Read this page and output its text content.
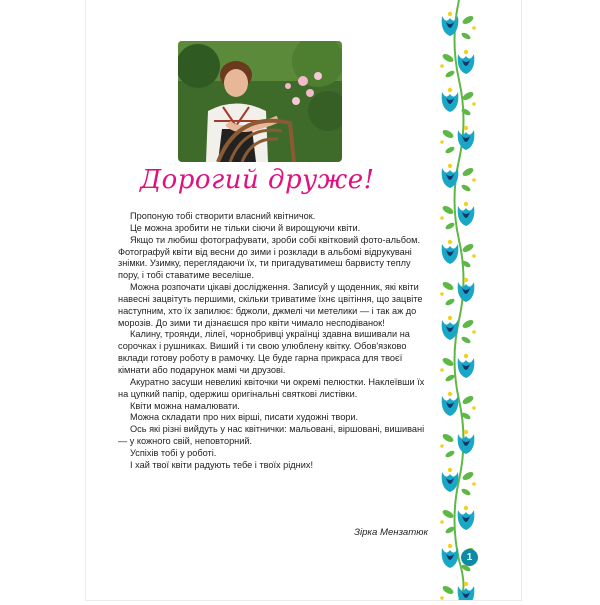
Дорогий друже!

Пропоную тобі створити власний квітничок.

Це можна зробити не тільки сіючи й вирощуючи квіти.

Якщо ти любиш фотографувати, зроби собі квітковий фото-альбом. Фотографуй квіти від весни до зими і розклади в альбомі відрукувані знімки. Узимку, переглядаючи їх, ти пригадуватимеш барвисту теплу пору, і тобі ставатиме веселіше.

Можна розпочати цікаві дослідження. Записуй у щоденник, які квіти навесні зацвітуть першими, скільки триватиме їхнє цвітіння, що зацвіте наступним, хто їх запилює: бджоли, джмелі чи метелики — і так аж до морозів. До зими ти дізнаєшся про квіти чимало несподіванок!

Калину, троянди, лілеї, чорнобривці українці здавна вишивали на сорочках і рушниках. Виший і ти свою улюблену квітку. Обов'язково вклади готову роботу в рамочку. Це буде гарна прикраса для твоєї кімнати або подарунок мамі чи друзові.

Акуратно засуши невеликі квіточки чи окремі пелюстки. Наклеївши їх на цупкий папір, одержиш оригінальні святкові листівки.

Квіти можна намалювати.

Можна складати про них вірші, писати художні твори.

Ось які різні вийдуть у нас квітнички: мальовані, віршовані, вишивані — у кожного свій, неповторний.

Успіхів тобі у роботі.

І хай твої квіти радують тебе і твоїх рідних!

Зірка Мензатюк
1
